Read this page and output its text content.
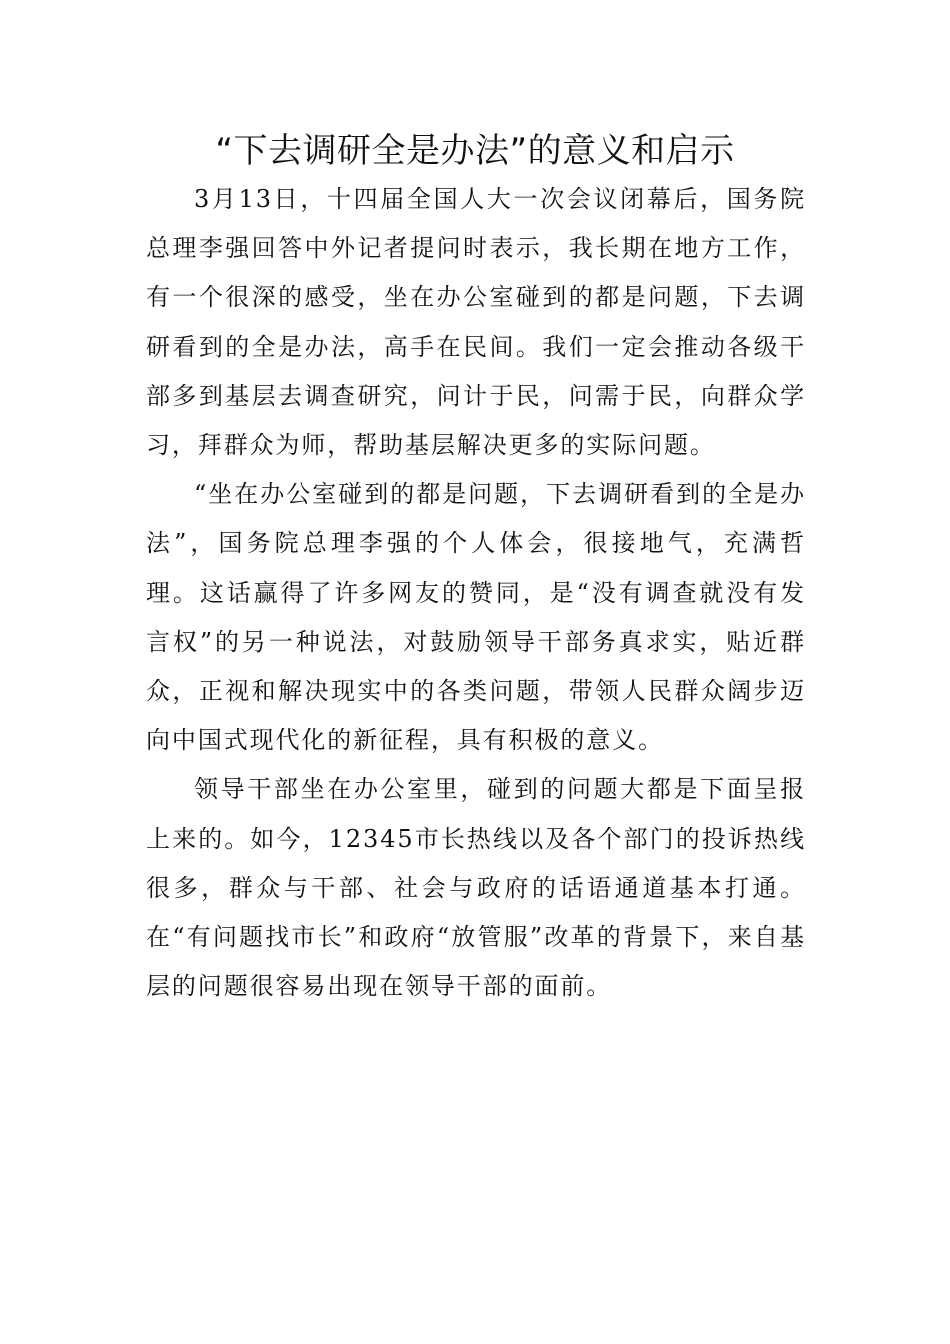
“下去调研全是办法”的意义和启示

3月13日，十四届全国人大一次会议闭幕后，国务院总理李强回答中外记者提问时表示，我长期在地方工作，有一个很深的感受，坐在办公室碰到的都是问题，下去调研看到的全是办法，高手在民间。我们一定会推动各级干部多到基层去调查研究，问计于民，问需于民，向群众学习，拜群众为师，帮助基层解决更多的实际问题。

“坐在办公室碰到的都是问题，下去调研看到的全是办法”，国务院总理李强的个人体会，很接地气，充满哲理。这话赢得了许多网友的赞同，是“没有调查就没有发言权”的另一种说法，对鼓励领导干部务真求实，贴近群众，正视和解决现实中的各类问题，带领人民群众阔步迈向中国式现代化的新征程，具有积极的意义。

领导干部坐在办公室里，碰到的问题大都是下面呈报上来的。如今，12345市长热线以及各个部门的投诉热线很多，群众与干部、社会与政府的话语通道基本打通。在“有问题找市长”和政府“放管服”改革的背景下，来自基层的问题很容易出现在领导干部的面前。
